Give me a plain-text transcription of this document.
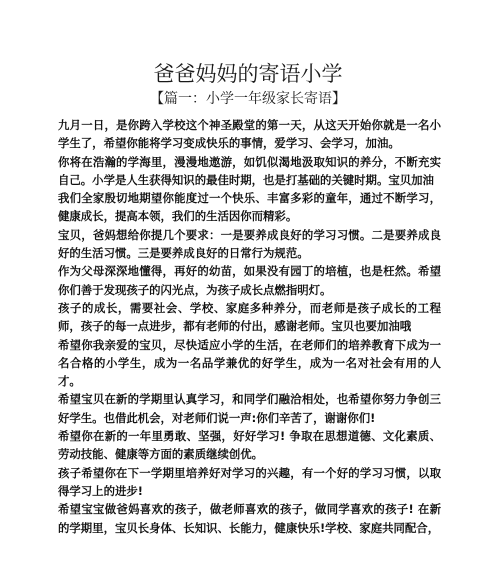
爸爸妈妈的寄语小学
【篇一：小学一年级家长寄语】

九月一日，是你跨入学校这个神圣殿堂的第一天，从这天开始你就是一名小学生了，希望你能将学习变成快乐的事情，爱学习、会学习，加油。

你将在浩瀚的学海里，漫漫地遨游，如饥似渴地汲取知识的养分，不断充实自己。小学是人生获得知识的最佳时期，也是打基础的关键时期。宝贝加油

我们全家殷切地期望你能度过一个快乐、丰富多彩的童年，通过不断学习，健康成长，提高本领，我们的生活因你而精彩。

宝贝，爸妈想给你提几个要求：一是要养成良好的学习习惯。二是要养成良好的生活习惯。三是要养成良好的日常行为规范。

作为父母深深地懂得，再好的幼苗，如果没有园丁的培植，也是枉然。希望你们善于发现孩子的闪光点，为孩子成长点燃指明灯。

孩子的成长，需要社会、学校、家庭多种养分，而老师是孩子成长的工程师，孩子的每一点进步，都有老师的付出，感谢老师。宝贝也要加油哦

希望你我亲爱的宝贝，尽快适应小学的生活，在老师们的培养教育下成为一名合格的小学生，成为一名品学兼优的好学生，成为一名对社会有用的人才。

希望宝贝在新的学期里认真学习，和同学们融洽相处，也希望你努力争创三好学生。也借此机会，对老师们说一声:你们辛苦了，谢谢你们!

希望你在新的一年里勇敢、坚强，好好学习! 争取在思想道德、文化素质、劳动技能、健康等方面的素质继续创优。

孩子希望你在下一学期里培养好对学习的兴趣，有一个好的学习习惯，以取得学习上的进步!

希望宝宝做爸妈喜欢的孩子，做老师喜欢的孩子，做同学喜欢的孩子! 在新的学期里，宝贝长身体、长知识、长能力，健康快乐!学校、家庭共同配合，
